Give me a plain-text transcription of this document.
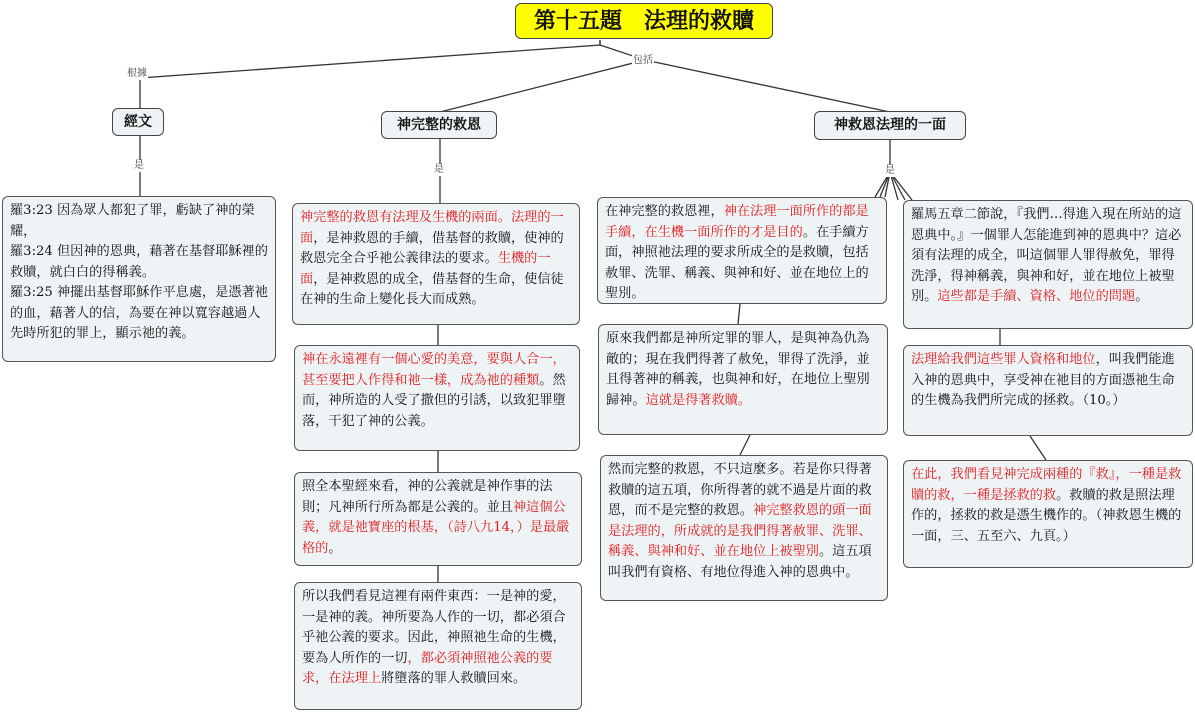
第十五題　法理的救贖
根據
包括
是	是	是
經文	神完整的救恩	神救恩法理的一面
羅3:23 因為眾人都犯了罪，虧缺了神的榮耀，
羅3:24 但因神的恩典，藉著在基督耶穌裡的救贖，就白白的得稱義。
羅3:25 神擺出基督耶穌作平息處，是憑著祂的血，藉著人的信，為要在神以寬容越過人先時所犯的罪上，顯示祂的義。
神完整的救恩有法理及生機的兩面。法理的一面，是神救恩的手續，借基督的救贖，使神的救恩完全合乎祂公義律法的要求。生機的一面，是神救恩的成全，借基督的生命，使信徒在神的生命上變化長大而成熟。
神在永遠裡有一個心愛的美意，要與人合一，甚至要把人作得和祂一樣，成為祂的種類。然而，神所造的人受了撒但的引誘，以致犯罪墮落，干犯了神的公義。
照全本聖經來看，神的公義就是神作事的法則；凡神所行所為都是公義的。並且神這個公義，就是祂寶座的根基，（詩八九14，）是最嚴格的。
所以我們看見這裡有兩件東西：一是神的愛，一是神的義。神所要為人作的一切，都必須合乎祂公義的要求。因此，神照祂生命的生機，要為人所作的一切，都必須神照祂公義的要求，在法理上將墮落的罪人救贖回來。
在神完整的救恩裡，神在法理一面所作的都是手續，在生機一面所作的才是目的。在手續方面，神照祂法理的要求所成全的是救贖，包括赦罪、洗罪、稱義、與神和好、並在地位上的聖別。
原來我們都是神所定罪的罪人，是與神為仇為敵的；現在我們得著了赦免，罪得了洗淨，並且得著神的稱義，也與神和好，在地位上聖別歸神。這就是得著救贖。
然而完整的救恩，不只這麼多。若是你只得著救贖的這五項，你所得著的就不過是片面的救恩，而不是完整的救恩。神完整救恩的頭一面是法理的，所成就的是我們得著赦罪、洗罪、稱義、與神和好、並在地位上被聖別。這五項叫我們有資格、有地位得進入神的恩典中。
羅馬五章二節說，『我們…得進入現在所站的這恩典中。』一個罪人怎能進到神的恩典中？這必須有法理的成全，叫這個罪人罪得赦免，罪得洗淨，得神稱義，與神和好，並在地位上被聖別。這些都是手續、資格、地位的問題。
法理給我們這些罪人資格和地位，叫我們能進入神的恩典中，享受神在祂目的方面憑祂生命的生機為我們所完成的拯救。（10。）
在此，我們看見神完成兩種的『救』，一種是救贖的救，一種是拯救的救。救贖的救是照法理作的，拯救的救是憑生機作的。（神救恩生機的一面，三、五至六、九頁。）
